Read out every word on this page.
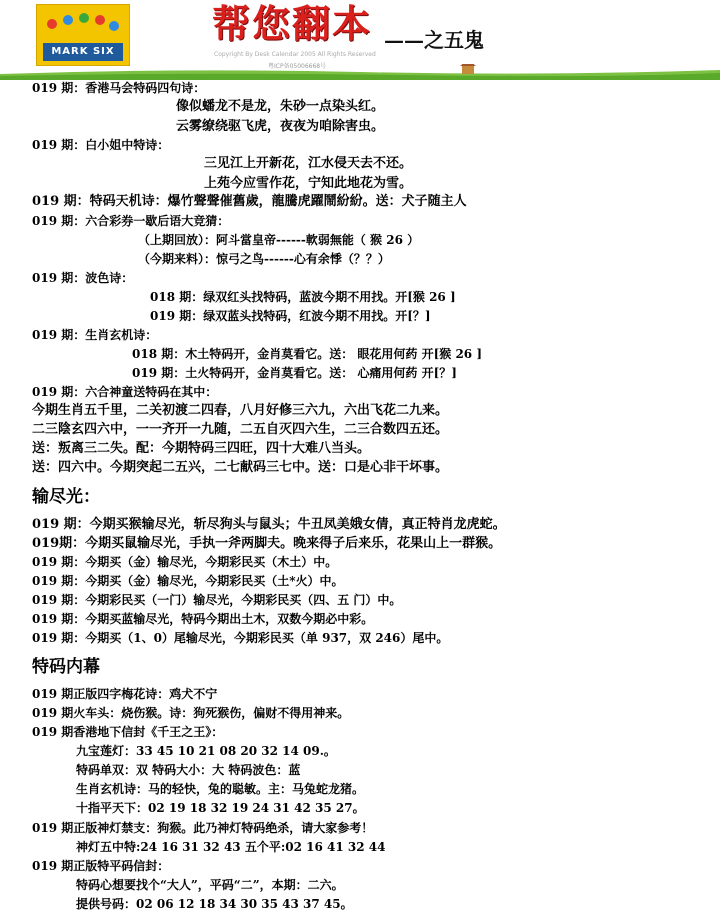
MARK SIX
帮您翻本 ——之五鬼
Copyright By Desk Calendar 2005 All Rights Reserved
粤ICP备05006668号
019 期：香港马会特码四句诗：
像似蟠龙不是龙，朱砂一点染头红。
云雾缭绕驱飞虎，夜夜为咱除害虫。
019 期：白小姐中特诗：
三见江上开新花，江水侵天去不还。
上苑今应雪作花，宁知此地花为雪。
019 期：特码天机诗：爆竹聲聲催舊歲，龍騰虎躍鬧紛紛。送：犬子随主人
019 期：六合彩券一歇后语大竞猜：
（上期回放）：阿斗當皇帝------軟弱無能（ 猴 26 ）
（今期来料）：惊弓之鸟------心有余悸（？？）
019 期：波色诗：
018 期：绿双红头找特码，蓝波今期不用找。开[猴 26 ]
019 期：绿双蓝头找特码，红波今期不用找。开[？]
019 期：生肖玄机诗：
018 期：木土特码开，金肖莫看它。送： 眼花用何药 开[猴 26 ]
019 期：土火特码开，金肖莫看它。送： 心痛用何药 开[？]
019 期：六合神童送特码在其中：
今期生肖五千里，二关初渡二四春，八月好修三六九，六出飞花二九来。
二三陰玄四六中，一一齐开一九随，二五自灭四六生，二三合数四五还。
送：叛离三二失。配：今期特码三四旺，四十大难八当头。
送：四六中。今期突起二五兴，二七献码三七中。送：口是心非干坏事。
输尽光：
019 期：今期买猴输尽光，斩尽狗头与鼠头；牛丑凤美娥女倩，真正特肖龙虎蛇。
019期：今期买鼠输尽光，手执一斧两脚夫。晚来得子后来乐，花果山上一群猴。
019 期：今期买（金）输尽光，今期彩民买（木土）中。
019 期：今期买（金）输尽光，今期彩民买（土*火）中。
019 期：今期彩民买（一门）输尽光，今期彩民买（四、五 门）中。
019 期：今期买蓝输尽光，特码今期出土木，双数今期必中彩。
019 期：今期买（1、0）尾输尽光，今期彩民买（单 937，双 246）尾中。
特码内幕
019 期正版四字梅花诗：鸡犬不宁
019 期火车头：烧伤猴。诗：狗死猴伤，偏财不得用神来。
019 期香港地下信封《千王之王》：
九宝莲灯：33 45 10 21 08 20 32 14 09.。
特码单双：双 特码大小：大 特码波色：蓝
生肖玄机诗：马的轻快，兔的聪敏。主：马兔蛇龙猪。
十指平天下：02 19 18 32 19 24 31 42 35 27。
019 期正版神灯禁支：狗猴。此乃神灯特码绝杀，请大家参考！
神灯五中特:24 16 31 32 43 五个平:02 16 41 32 44
019 期正版特平码信封：
特码心想要找个“大人”，平码“二”，本期：二六。
提供号码：02 06 12 18 34 30 35 43 37 45。
